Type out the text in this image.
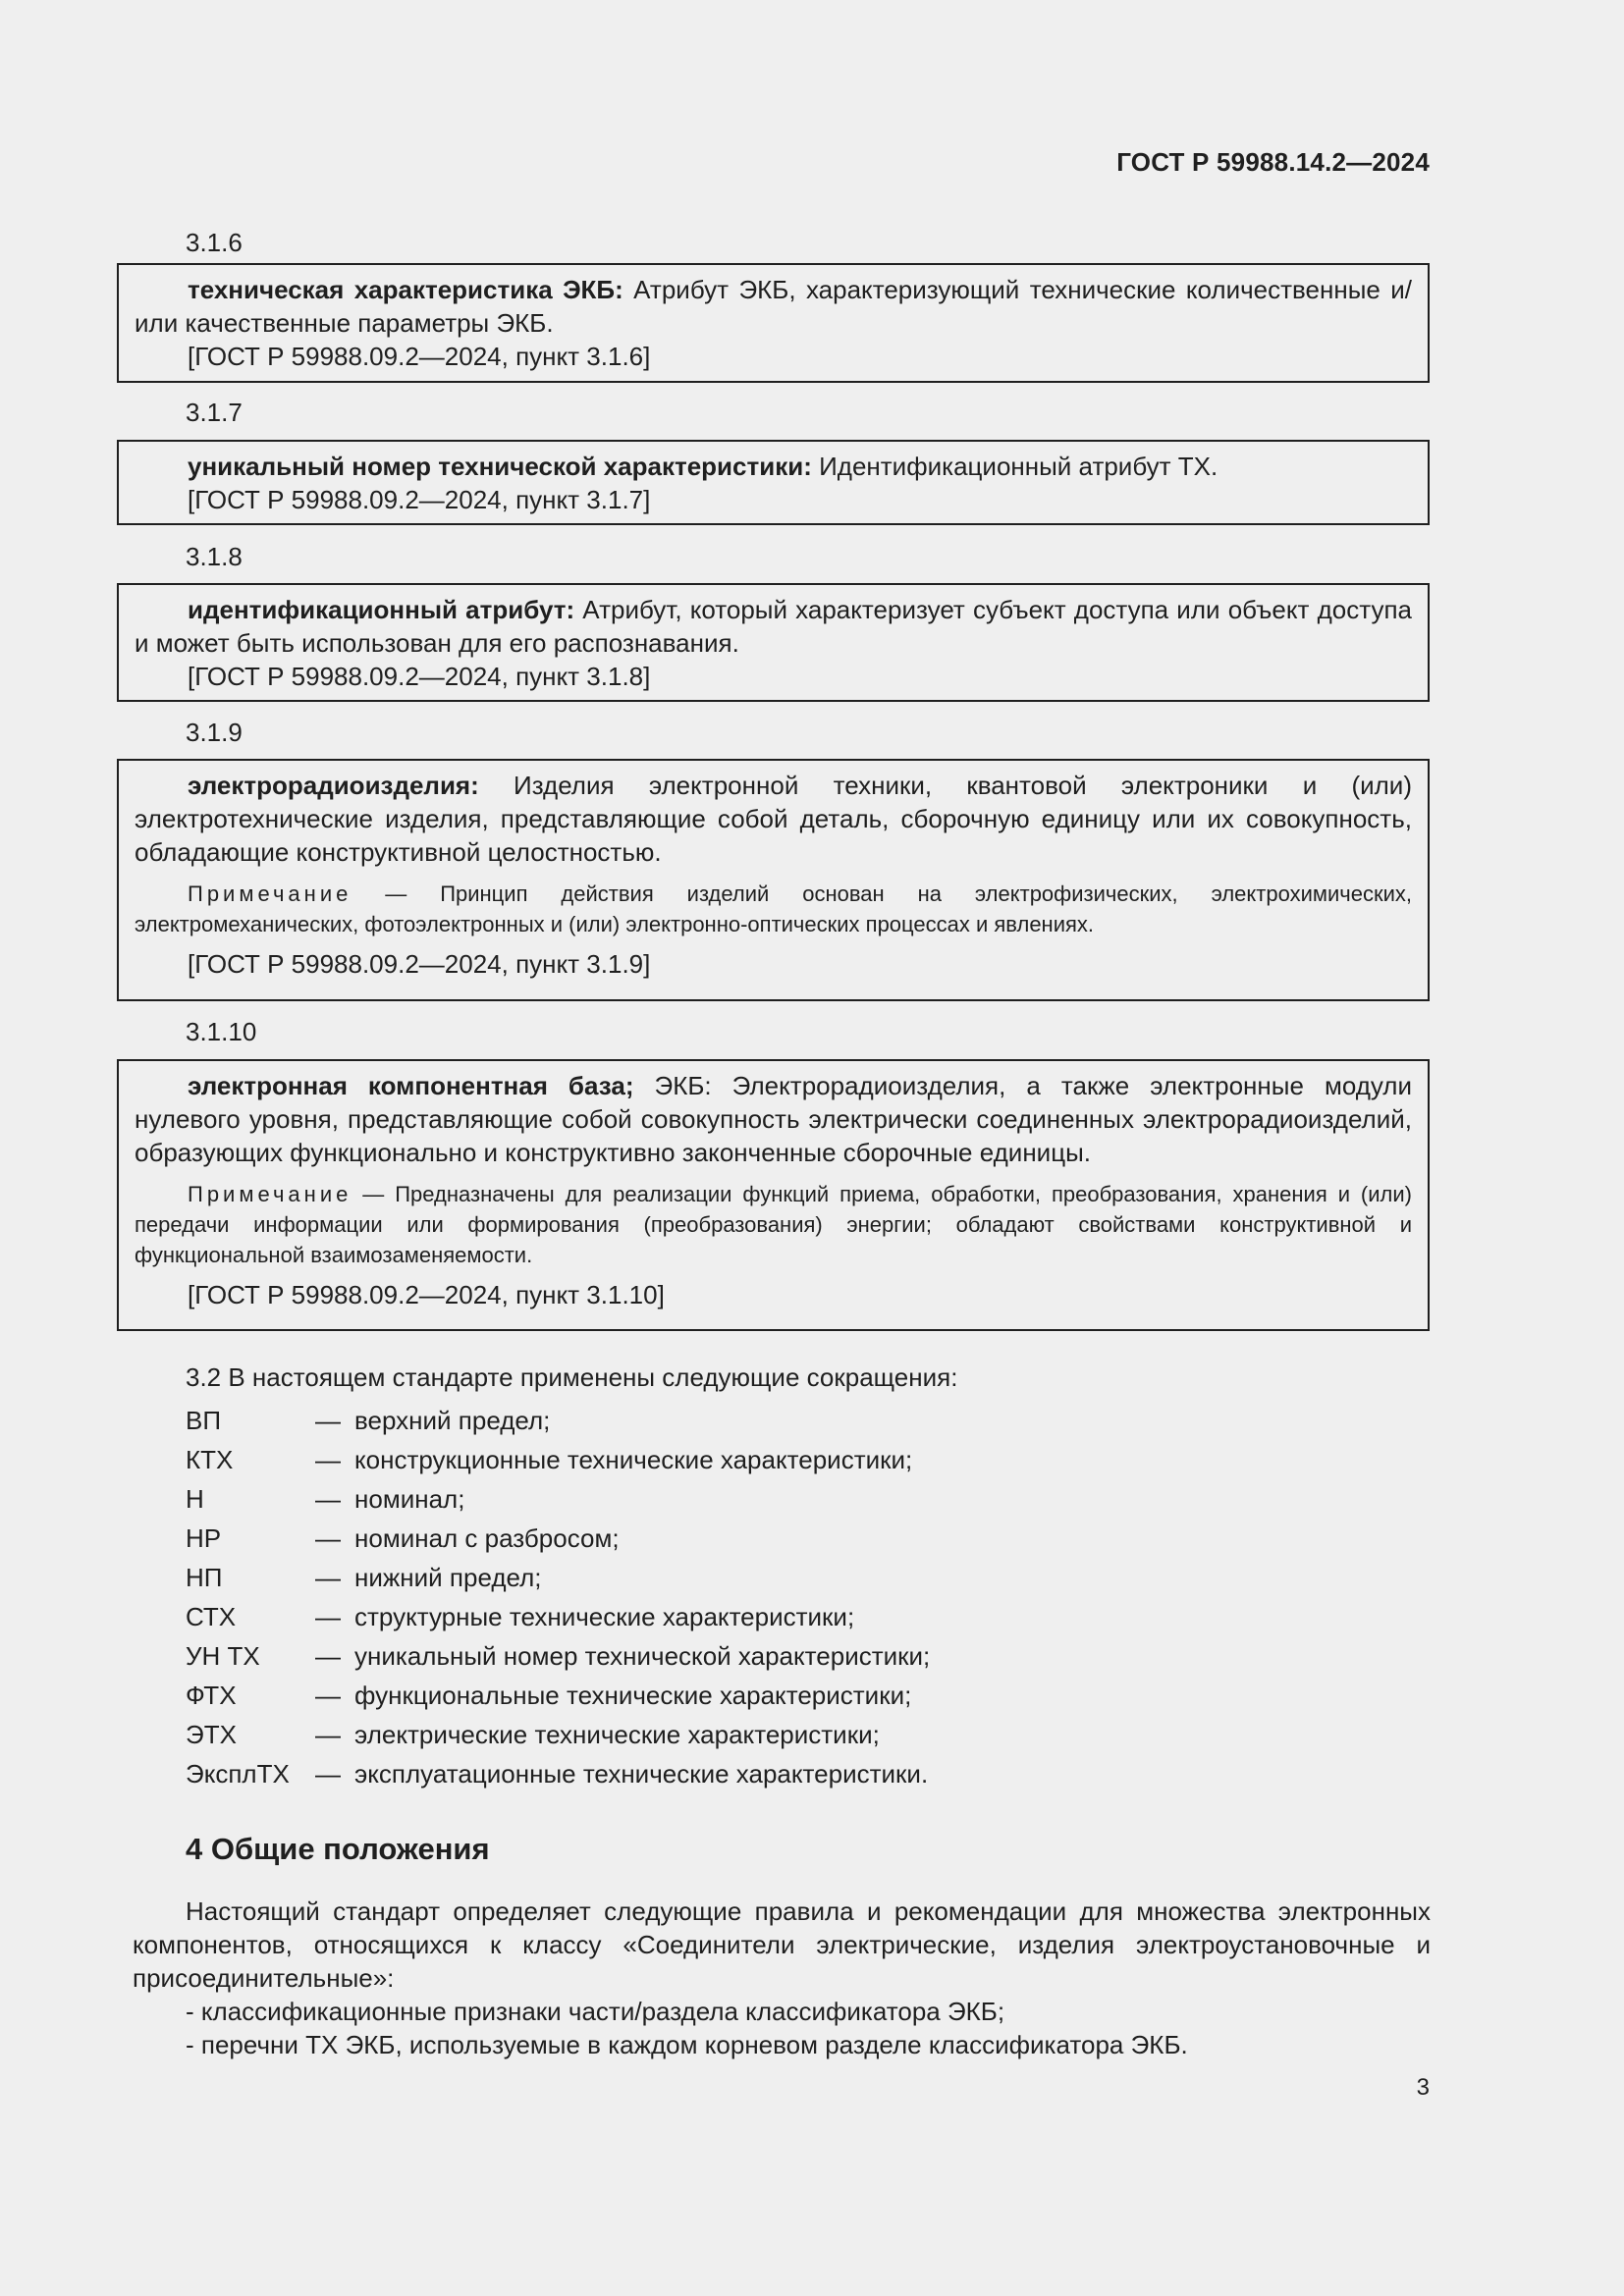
ГОСТ Р 59988.14.2—2024
3.1.6

техническая характеристика ЭКБ: Атрибут ЭКБ, характеризующий технические количественные и/или качественные параметры ЭКБ.

[ГОСТ Р 59988.09.2—2024, пункт 3.1.6]
3.1.7

уникальный номер технической характеристики: Идентификационный атрибут ТХ.

[ГОСТ Р 59988.09.2—2024, пункт 3.1.7]
3.1.8

идентификационный атрибут: Атрибут, который характеризует субъект доступа или объект доступа и может быть использован для его распознавания.

[ГОСТ Р 59988.09.2—2024, пункт 3.1.8]
3.1.9

электрорадиоизделия: Изделия электронной техники, квантовой электроники и (или) электротехнические изделия, представляющие собой деталь, сборочную единицу или их совокупность, обладающие конструктивной целостностью.

Примечание — Принцип действия изделий основан на электрофизических, электрохимических, электромеханических, фотоэлектронных и (или) электронно-оптических процессах и явлениях.

[ГОСТ Р 59988.09.2—2024, пункт 3.1.9]
3.1.10

электронная компонентная база; ЭКБ: Электрорадиоизделия, а также электронные модули нулевого уровня, представляющие собой совокупность электрически соединенных электрорадиоизделий, образующих функционально и конструктивно законченные сборочные единицы.

Примечание — Предназначены для реализации функций приема, обработки, преобразования, хранения и (или) передачи информации или формирования (преобразования) энергии; обладают свойствами конструктивной и функциональной взаимозаменяемости.

[ГОСТ Р 59988.09.2—2024, пункт 3.1.10]
3.2 В настоящем стандарте применены следующие сокращения:
ВП	— верхний предел;
КТХ	— конструкционные технические характеристики;
Н	— номинал;
НР	— номинал с разбросом;
НП	— нижний предел;
СТХ	— структурные технические характеристики;
УН ТХ	— уникальный номер технической характеристики;
ФТХ	— функциональные технические характеристики;
ЭТХ	— электрические технические характеристики;
ЭксплТХ	— эксплуатационные технические характеристики.
4 Общие положения

Настоящий стандарт определяет следующие правила и рекомендации для множества электронных компонентов, относящихся к классу «Соединители электрические, изделия электроустановочные и присоединительные»:

- классификационные признаки части/раздела классификатора ЭКБ;

- перечни ТХ ЭКБ, используемые в каждом корневом разделе классификатора ЭКБ.

3
